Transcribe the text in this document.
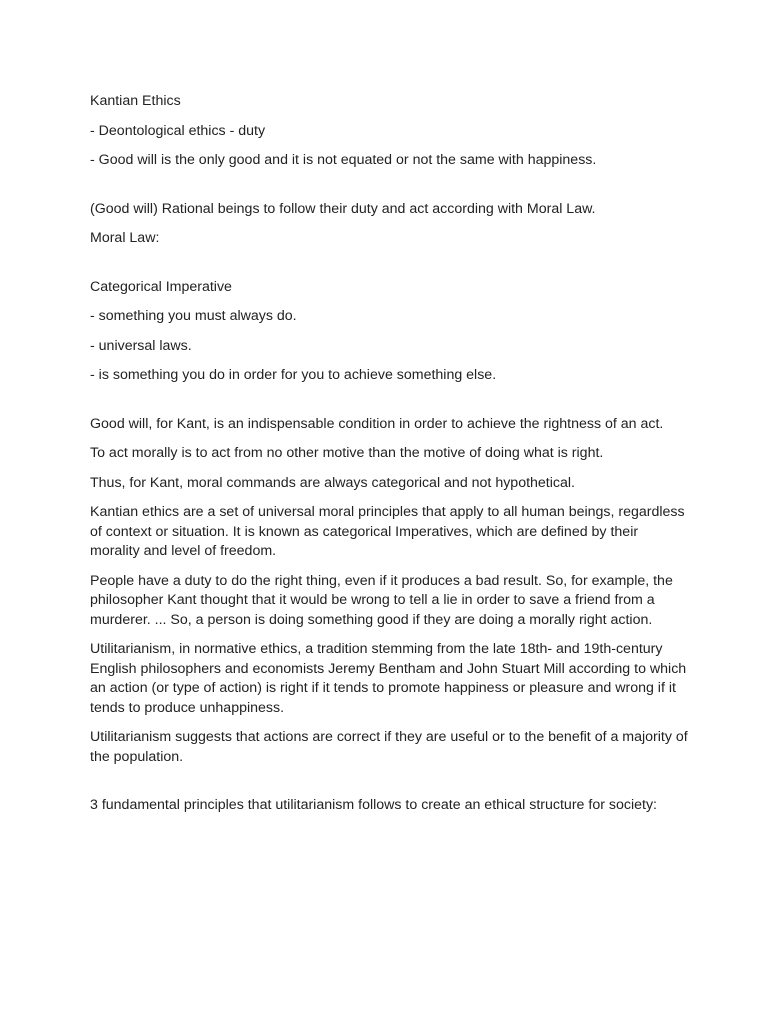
Kantian Ethics

- Deontological ethics - duty

- Good will is the only good and it is not equated or not the same with happiness.

(Good will) Rational beings to follow their duty and act according with Moral Law.

Moral Law:

Categorical Imperative

- something you must always do.

- universal laws.

- is something you do in order for you to achieve something else.

Good will, for Kant, is an indispensable condition in order to achieve the rightness of an act.

To act morally is to act from no other motive than the motive of doing what is right.

Thus, for Kant, moral commands are always categorical and not hypothetical.

Kantian ethics are a set of universal moral principles that apply to all human beings, regardless of context or situation. It is known as categorical Imperatives, which are defined by their morality and level of freedom.

People have a duty to do the right thing, even if it produces a bad result. So, for example, the philosopher Kant thought that it would be wrong to tell a lie in order to save a friend from a murderer. ... So, a person is doing something good if they are doing a morally right action.

Utilitarianism, in normative ethics, a tradition stemming from the late 18th- and 19th-century English philosophers and economists Jeremy Bentham and John Stuart Mill according to which an action (or type of action) is right if it tends to promote happiness or pleasure and wrong if it tends to produce unhappiness.

Utilitarianism suggests that actions are correct if they are useful or to the benefit of a majority of the population.

3 fundamental principles that utilitarianism follows to create an ethical structure for society:
